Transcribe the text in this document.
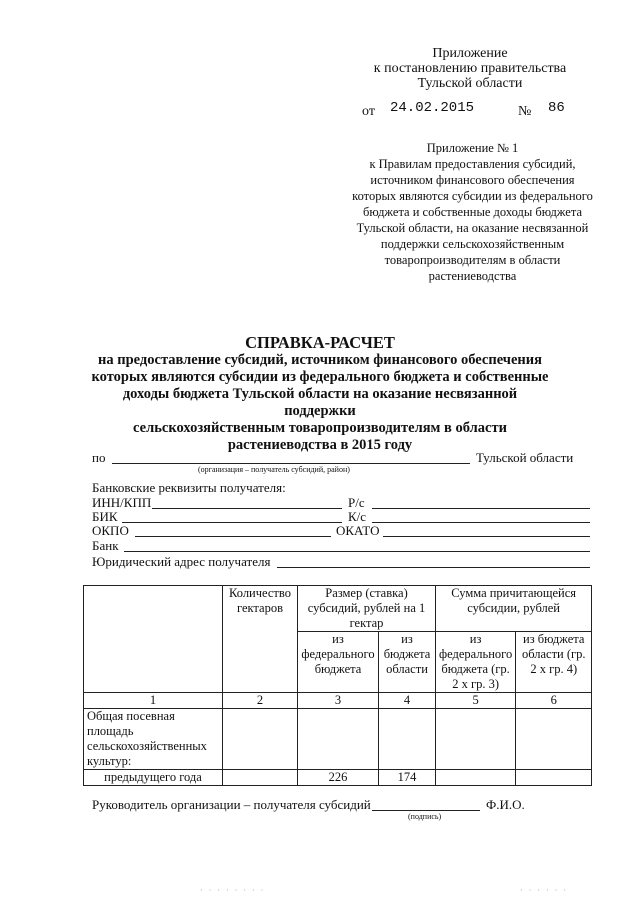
Приложение
к постановлению правительства
Тульской области
от 24.02.2015	№ 86
Приложение № 1
к Правилам предоставления субсидий,
источником финансового обеспечения
которых являются субсидии из федерального
бюджета и собственные доходы бюджета
Тульской области, на оказание несвязанной
поддержки сельскохозяйственным
товаропроизводителям в области
растениеводства
СПРАВКА-РАСЧЕТ
на предоставление субсидий, источником финансового обеспечения
которых являются субсидии из федерального бюджета и собственные
доходы бюджета Тульской области на оказание несвязанной поддержки
сельскохозяйственным товаропроизводителям в области
растениеводства в 2015 году
по	Тульской области
(организация – получатель субсидий, район)
Банковские реквизиты получателя:
ИНН/КПП	Р/с
БИК	К/с
ОКПО	ОКАТО
Банк
Юридический адрес получателя
	Количество гектаров	Размер (ставка) субсидий, рублей на 1 гектар		Сумма причитающейся субсидии, рублей	
		из федерального бюджета	из бюджета области	из федерального бюджета (гр. 2 х гр. 3)	из бюджета области (гр. 2 х гр. 4)
1	2	3	4	5	6
Общая посевная площадь сельскохозяйственных культур:					
предыдущего года		226	174		
Руководитель организации – получателя субсидий	Ф.И.О.
(подпись)
· · · · · · · ·	· · · · · ·
